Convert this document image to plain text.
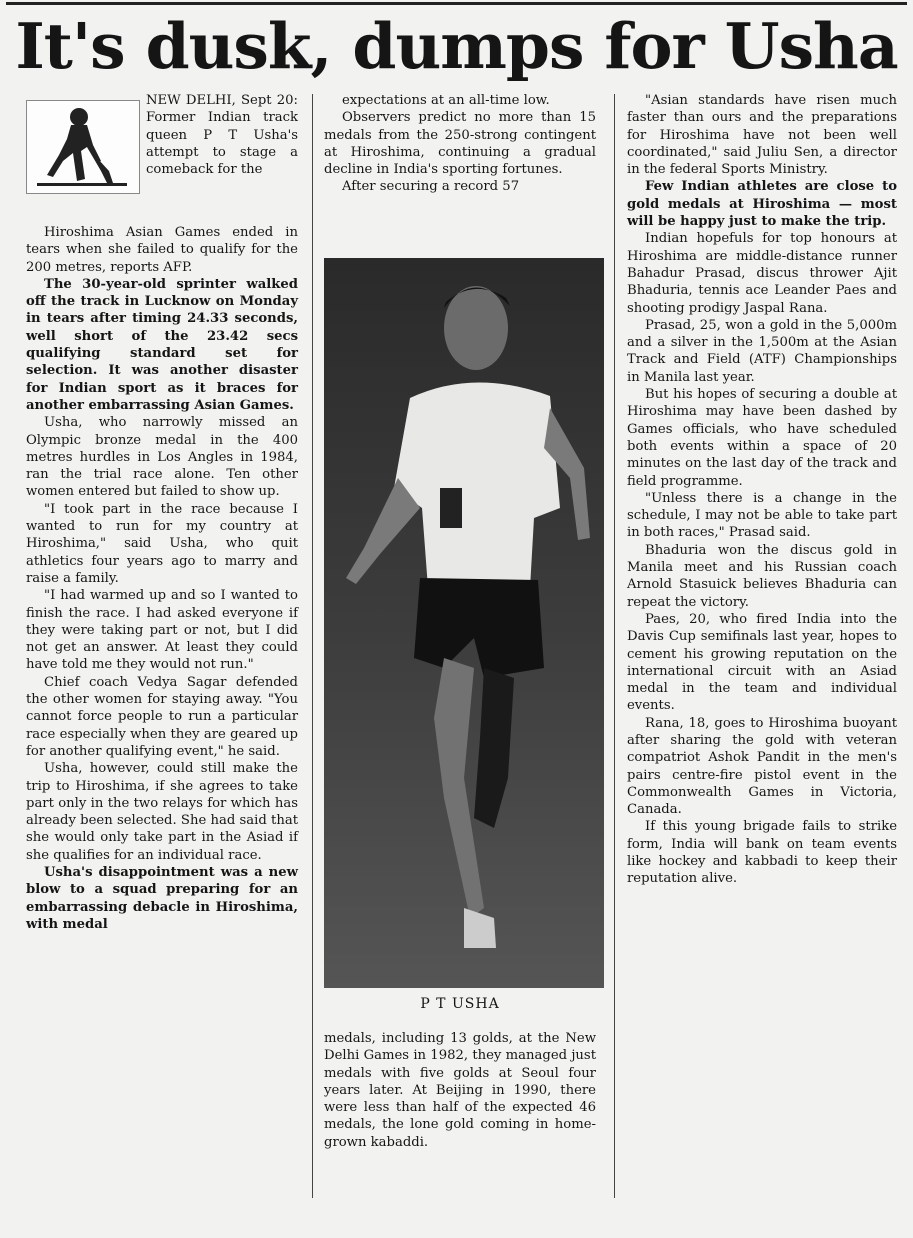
It's dusk, dumps for Usha

NEW DELHI, Sept 20: Former Indian track queen P T Usha's attempt to stage a comeback for the

Hiroshima Asian Games ended in tears when she failed to qualify for the 200 metres, reports AFP.

The 30-year-old sprinter walked off the track in Lucknow on Monday in tears after timing 24.33 seconds, well short of the 23.42 secs qualifying standard set for selection. It was another disaster for Indian sport as it braces for another embarrassing Asian Games.

Usha, who narrowly missed an Olympic bronze medal in the 400 metres hurdles in Los Angles in 1984, ran the trial race alone. Ten other women entered but failed to show up.

"I took part in the race because I wanted to run for my country at Hiroshima," said Usha, who quit athletics four years ago to marry and raise a family.

"I had warmed up and so I wanted to finish the race. I had asked everyone if they were taking part or not, but I did not get an answer. At least they could have told me they would not run."

Chief coach Vedya Sagar defended the other women for staying away. "You cannot force people to run a particular race especially when they are geared up for another qualifying event," he said.

Usha, however, could still make the trip to Hiroshima, if she agrees to take part only in the two relays for which has already been selected. She had said that she would only take part in the Asiad if she qualifies for an individual race.

Usha's disappointment was a new blow to a squad preparing for an embarrassing debacle in Hiroshima, with medal

expectations at an all-time low.

Observers predict no more than 15 medals from the 250-strong contingent at Hiroshima, continuing a gradual decline in India's sporting fortunes.

After securing a record 57

P T USHA

medals, including 13 golds, at the New Delhi Games in 1982, they managed just medals with five golds at Seoul four years later. At Beijing in 1990, there were less than half of the expected 46 medals, the lone gold coming in home-grown kabaddi.

"Asian standards have risen much faster than ours and the preparations for Hiroshima have not been well coordinated," said Juliu Sen, a director in the federal Sports Ministry.

Few Indian athletes are close to gold medals at Hiroshima — most will be happy just to make the trip.

Indian hopefuls for top honours at Hiroshima are middle-distance runner Bahadur Prasad, discus thrower Ajit Bhaduria, tennis ace Leander Paes and shooting prodigy Jaspal Rana.

Prasad, 25, won a gold in the 5,000m and a silver in the 1,500m at the Asian Track and Field (ATF) Championships in Manila last year.

But his hopes of securing a double at Hiroshima may have been dashed by Games officials, who have scheduled both events within a space of 20 minutes on the last day of the track and field programme.

"Unless there is a change in the schedule, I may not be able to take part in both races," Prasad said.

Bhaduria won the discus gold in Manila meet and his Russian coach Arnold Stasuick believes Bhaduria can repeat the victory.

Paes, 20, who fired India into the Davis Cup semifinals last year, hopes to cement his growing reputation on the international circuit with an Asiad medal in the team and individual events.

Rana, 18, goes to Hiroshima buoyant after sharing the gold with veteran compatriot Ashok Pandit in the men's pairs centre-fire pistol event in the Commonwealth Games in Victoria, Canada.

If this young brigade fails to strike form, India will bank on team events like hockey and kabbadi to keep their reputation alive.
